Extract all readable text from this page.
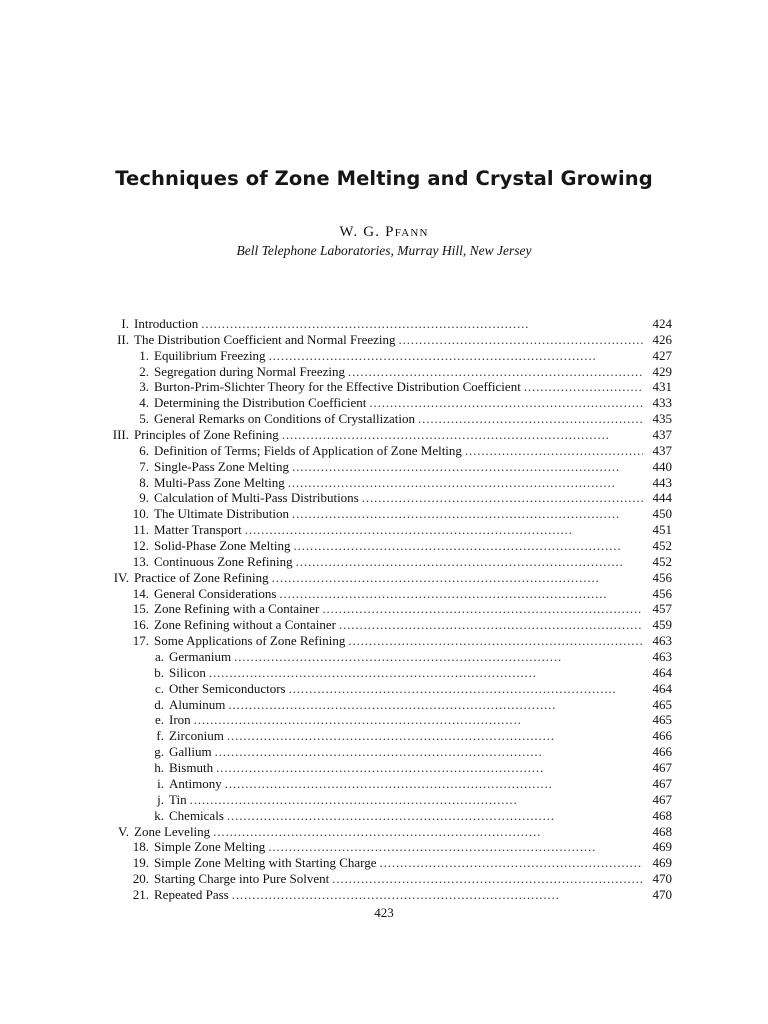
Techniques of Zone Melting and Crystal Growing
W. G. Pfann
Bell Telephone Laboratories, Murray Hill, New Jersey
I. Introduction . . .	424
II. The Distribution Coefficient and Normal Freezing . . .	426
1. Equilibrium Freezing . . .	427
2. Segregation during Normal Freezing . . .	429
3. Burton-Prim-Slichter Theory for the Effective Distribution Coefficient . . .	431
4. Determining the Distribution Coefficient . . .	433
5. General Remarks on Conditions of Crystallization . . .	435
III. Principles of Zone Refining . . .	437
6. Definition of Terms; Fields of Application of Zone Melting . . .	437
7. Single-Pass Zone Melting . . .	440
8. Multi-Pass Zone Melting . . .	443
9. Calculation of Multi-Pass Distributions . . .	444
10. The Ultimate Distribution . . .	450
11. Matter Transport . . .	451
12. Solid-Phase Zone Melting . . .	452
13. Continuous Zone Refining . . .	452
IV. Practice of Zone Refining . . .	456
14. General Considerations . . .	456
15. Zone Refining with a Container . . .	457
16. Zone Refining without a Container . . .	459
17. Some Applications of Zone Refining . . .	463
a. Germanium . . .	463
b. Silicon . . .	464
c. Other Semiconductors . . .	464
d. Aluminum . . .	465
e. Iron . . .	465
f. Zirconium . . .	466
g. Gallium . . .	466
h. Bismuth . . .	467
i. Antimony . . .	467
j. Tin . . .	467
k. Chemicals . . .	468
V. Zone Leveling . . .	468
18. Simple Zone Melting . . .	469
19. Simple Zone Melting with Starting Charge . . .	469
20. Starting Charge into Pure Solvent . . .	470
21. Repeated Pass . . .	470
423
